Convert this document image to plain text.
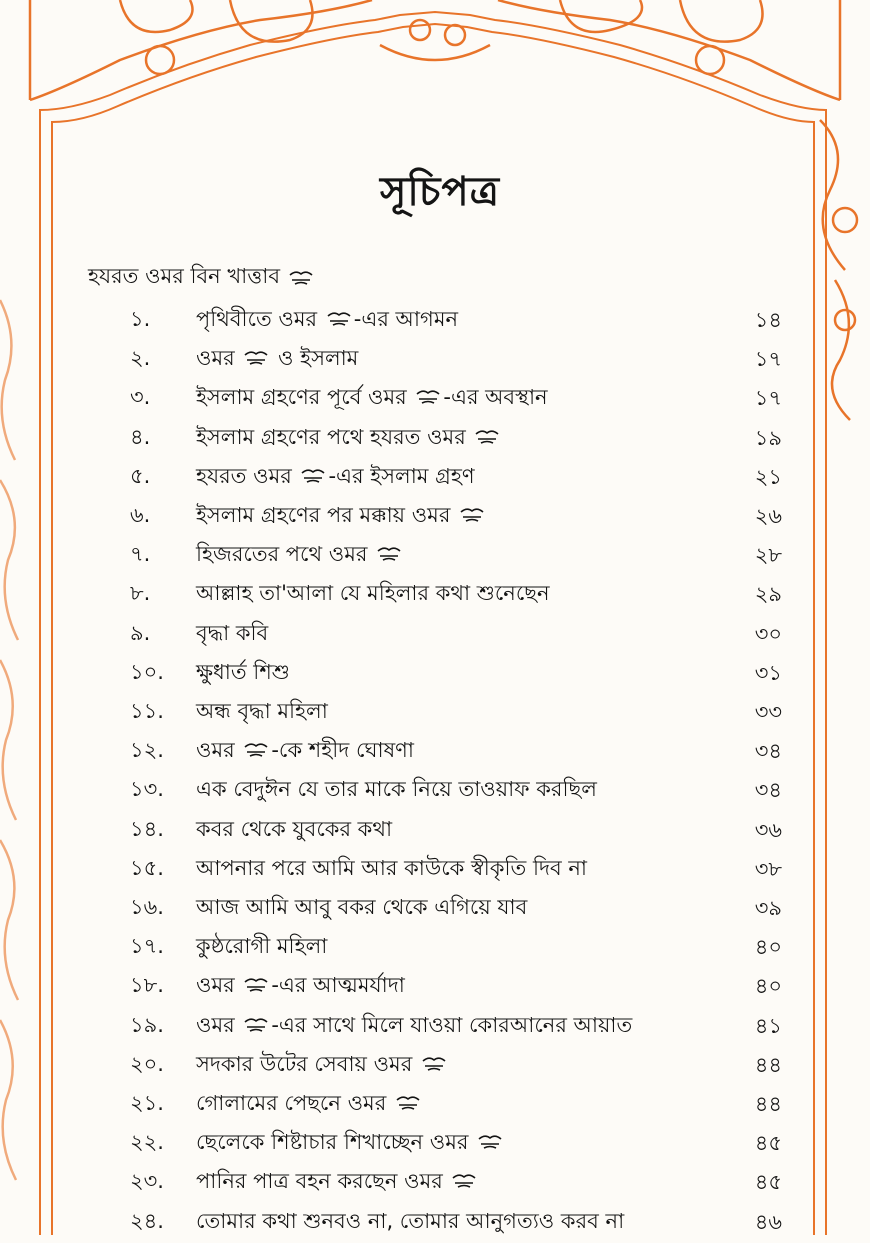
সূচিপত্র
হযরত ওমর বিন খাত্তাব
১. পৃথিবীতে ওমর -এর আগমন	১৪
২. ওমর ও ইসলাম	১৭
৩. ইসলাম গ্রহণের পূর্বে ওমর -এর অবস্থান	১৭
৪. ইসলাম গ্রহণের পথে হযরত ওমর	১৯
৫. হযরত ওমর -এর ইসলাম গ্রহণ	২১
৬. ইসলাম গ্রহণের পর মক্কায় ওমর	২৬
৭. হিজরতের পথে ওমর	২৮
৮. আল্লাহ তা'আলা যে মহিলার কথা শুনেছেন	২৯
৯. বৃদ্ধা কবি	৩০
১০. ক্ষুধার্ত শিশু	৩১
১১. অন্ধ বৃদ্ধা মহিলা	৩৩
১২. ওমর -কে শহীদ ঘোষণা	৩৪
১৩. এক বেদুঈন যে তার মাকে নিয়ে তাওয়াফ করছিল	৩৪
১৪. কবর থেকে যুবকের কথা	৩৬
১৫. আপনার পরে আমি আর কাউকে স্বীকৃতি দিব না	৩৮
১৬. আজ আমি আবু বকর থেকে এগিয়ে যাব	৩৯
১৭. কুষ্ঠরোগী মহিলা	৪০
১৮. ওমর -এর আত্মমর্যাদা	৪০
১৯. ওমর -এর সাথে মিলে যাওয়া কোরআনের আয়াত	৪১
২০. সদকার উটের সেবায় ওমর	৪৪
২১. গোলামের পেছনে ওমর	৪৪
২২. ছেলেকে শিষ্টাচার শিখাচ্ছেন ওমর	৪৫
২৩. পানির পাত্র বহন করছেন ওমর	৪৫
২৪. তোমার কথা শুনবও না, তোমার আনুগত্যও করব না	৪৬
